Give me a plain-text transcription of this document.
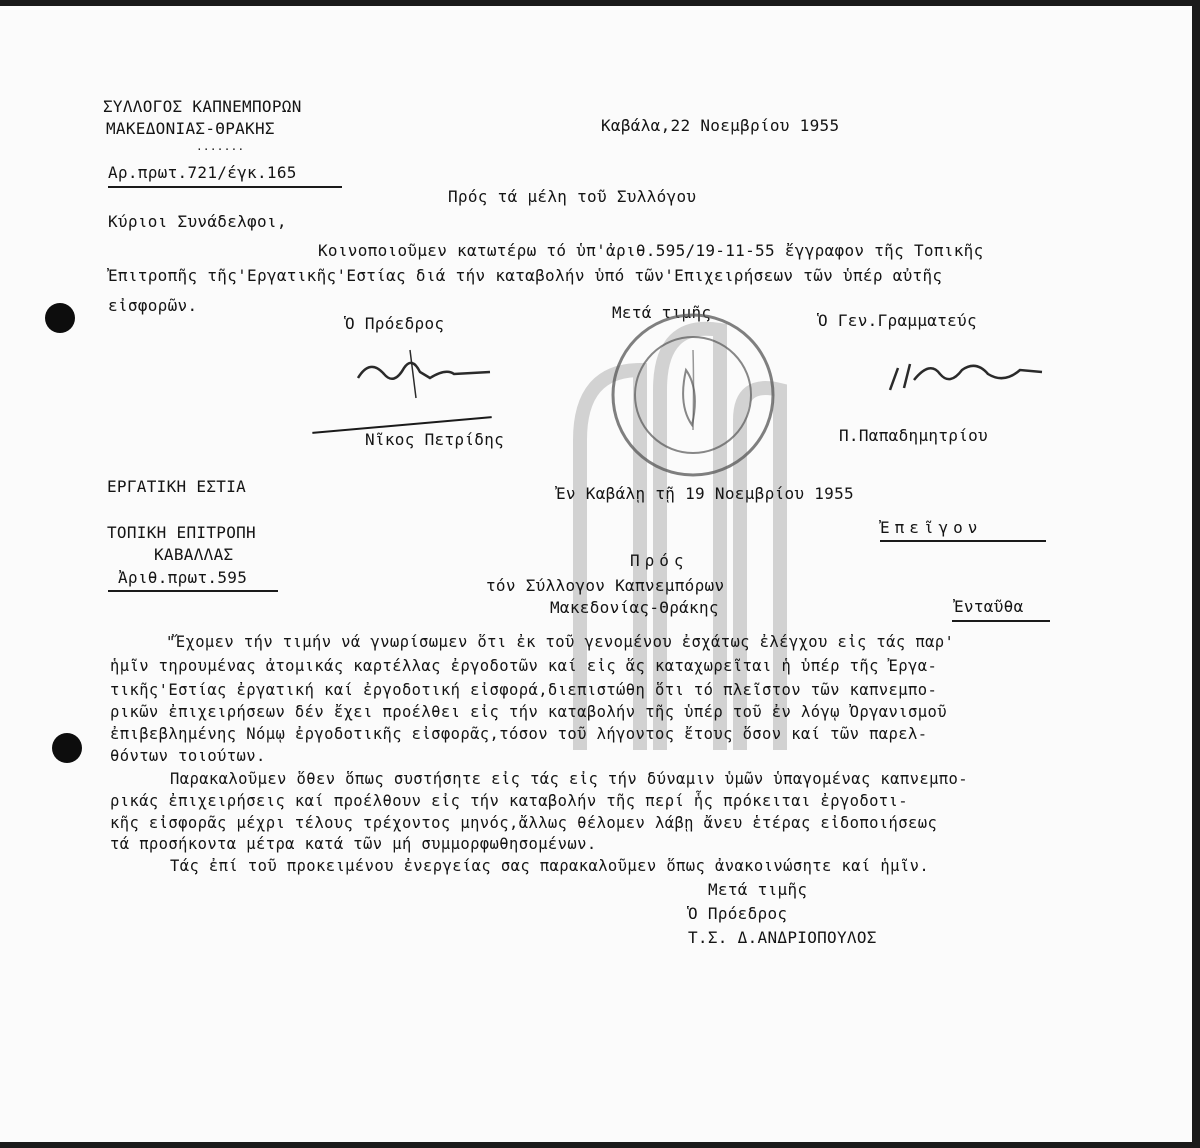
ΣΥΛΛΟΓΟΣ ΚΑΠΝΕΜΠΟΡΩΝ
ΜΑΚΕΔΟΝΙΑΣ-ΘΡΑΚΗΣ
.......
Αρ.πρωτ.721/έγκ.165
Καβάλα,22 Νοεμβρίου 1955
Πρός τά μέλη τοῦ Συλλόγου
Κύριοι Συνάδελφοι,
Κοινοποιοῦμεν κατωτέρω τό ὑπ'ἀριθ.595/19-11-55 ἔγγραφον τῆς Τοπικῆς
Ἐπιτροπῆς τῆς'Εργατικῆς'Εστίας διά τήν καταβολήν ὑπό τῶν'Επιχειρήσεων τῶν ὑπέρ αὐτῆς
εἰσφορῶν.	Μετά τιμῆς
Ὁ Πρόεδρος	Ὁ Γεν.Γραμματεύς
Νῖκος Πετρίδης	Π.Παπαδημητρίου
ΕΡΓΑΤΙΚΗ ΕΣΤΙΑ
ΤΟΠΙΚΗ ΕΠΙΤΡΟΠΗ
ΚΑΒΑΛΛΑΣ
Ἀριθ.πρωτ.595
Ἐν Καβάλῃ τῇ 19 Νοεμβρίου 1955
Ἐπεῖγον
Πρός
τόν Σύλλογον Καπνεμπόρων
Μακεδονίας-Θράκης	Ἐνταῦθα
"Ἔχομεν τήν τιμήν νά γνωρίσωμεν ὅτι ἐκ τοῦ γενομένου ἐσχάτως ἐλέγχου εἰς τάς παρ'
ἡμῖν τηρουμένας ἀτομικάς καρτέλλας ἐργοδοτῶν καί εἰς ἅς καταχωρεῖται ἡ ὑπέρ τῆς Ἐργα-
τικῆς'Εστίας ἐργατική καί ἐργοδοτική εἰσφορά,διεπιστώθη ὅτι τό πλεῖστον τῶν καπνεμπο-
ρικῶν ἐπιχειρήσεων δέν ἔχει προέλθει εἰς τήν καταβολήν τῆς ὑπέρ τοῦ ἐν λόγῳ Ὀργανισμοῦ
ἐπιβεβλημένης Νόμῳ ἐργοδοτικῆς εἰσφορᾶς,τόσον τοῦ λήγοντος ἔτους ὅσον καί τῶν παρελ-
θόντων τοιούτων.
Παρακαλοῦμεν ὅθεν ὅπως συστήσητε εἰς τάς εἰς τήν δύναμιν ὑμῶν ὑπαγομένας καπνεμπο-
ρικάς ἐπιχειρήσεις καί προέλθουν εἰς τήν καταβολήν τῆς περί ἧς πρόκειται ἐργοδοτι-
κῆς εἰσφορᾶς μέχρι τέλους τρέχοντος μηνός,ἄλλως θέλομεν λάβῃ ἄνευ ἑτέρας εἰδοποιήσεως
τά προσήκοντα μέτρα κατά τῶν μή συμμορφωθησομένων.
Τάς ἐπί τοῦ προκειμένου ἐνεργείας σας παρακαλοῦμεν ὅπως ἀνακοινώσητε καί ἡμῖν.
Μετά τιμῆς
Ὁ Πρόεδρος
Τ.Σ. Δ.ΑΝΔΡΙΟΠΟΥΛΟΣ
